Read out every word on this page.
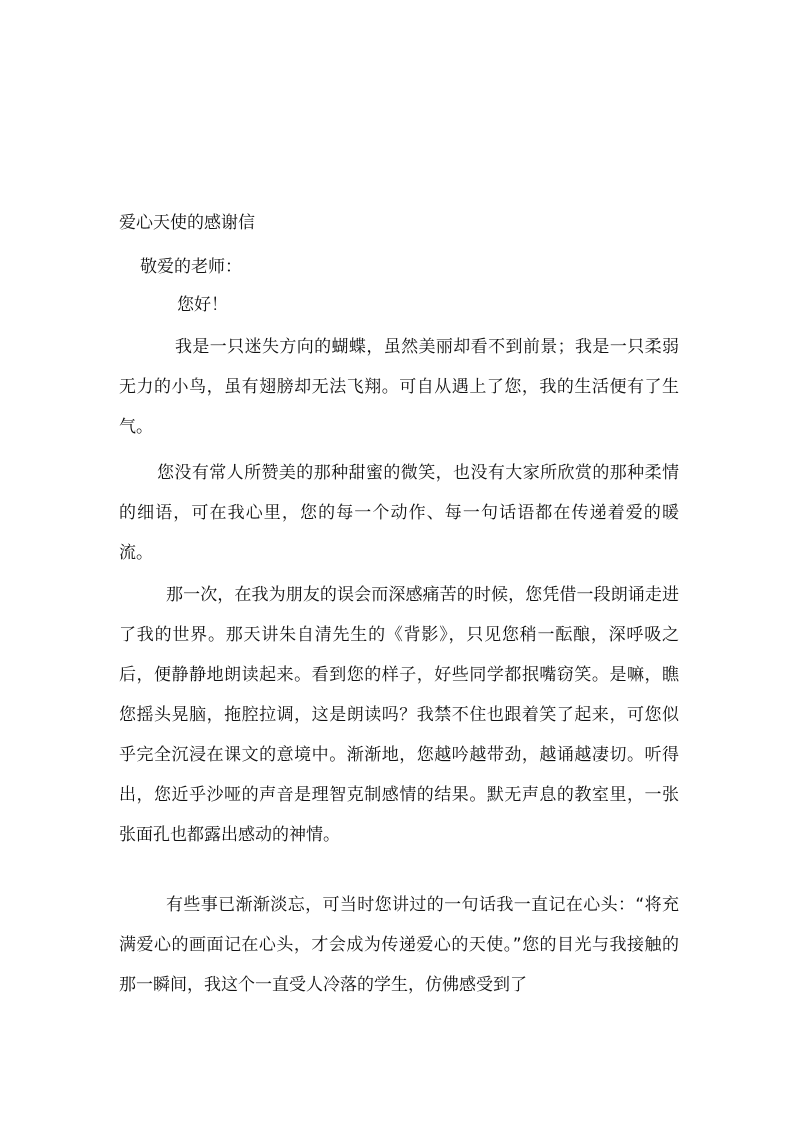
爱心天使的感谢信
敬爱的老师：
您好！
我是一只迷失方向的蝴蝶，虽然美丽却看不到前景；我是一只柔弱无力的小鸟，虽有翅膀却无法飞翔。可自从遇上了您，我的生活便有了生气。
您没有常人所赞美的那种甜蜜的微笑，也没有大家所欣赏的那种柔情的细语，可在我心里，您的每一个动作、每一句话语都在传递着爱的暖流。
那一次，在我为朋友的误会而深感痛苦的时候，您凭借一段朗诵走进了我的世界。那天讲朱自清先生的《背影》，只见您稍一酝酿，深呼吸之后，便静静地朗读起来。看到您的样子，好些同学都抿嘴窃笑。是嘛，瞧您摇头晃脑，拖腔拉调，这是朗读吗？我禁不住也跟着笑了起来，可您似乎完全沉浸在课文的意境中。渐渐地，您越吟越带劲，越诵越凄切。听得出，您近乎沙哑的声音是理智克制感情的结果。默无声息的教室里，一张张面孔也都露出感动的神情。
有些事已渐渐淡忘，可当时您讲过的一句话我一直记在心头：“将充满爱心的画面记在心头，才会成为传递爱心的天使。”您的目光与我接触的那一瞬间，我这个一直受人冷落的学生，仿佛感受到了
